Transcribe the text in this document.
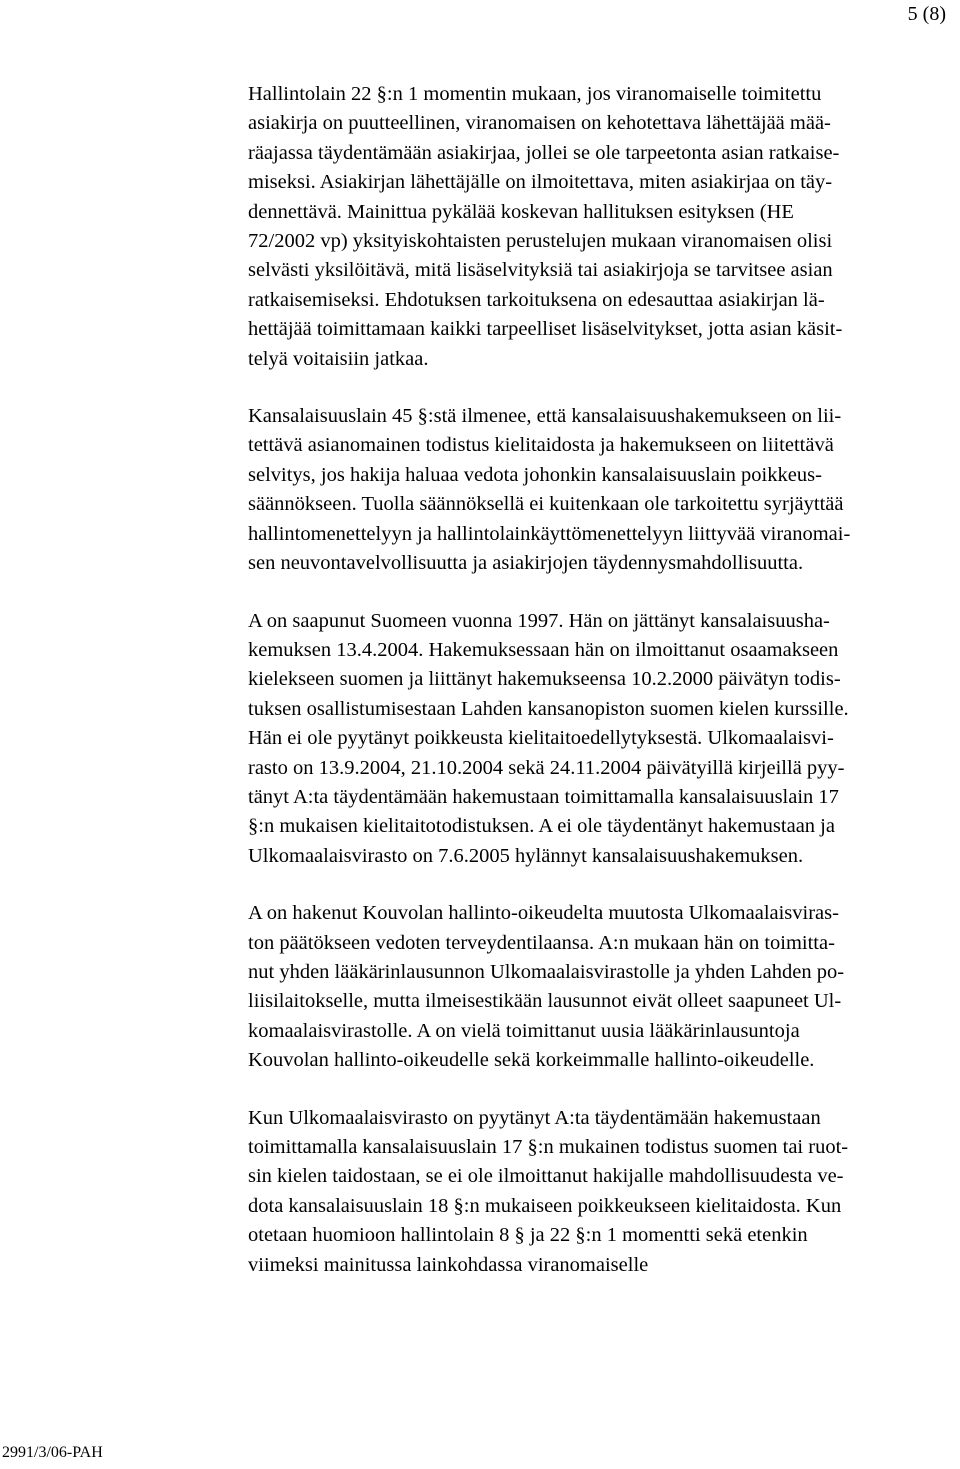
5 (8)

Hallintolain 22 §:n 1 momentin mukaan, jos viranomaiselle toimitettu
asiakirja on puutteellinen, viranomaisen on kehotettava lähettäjää mää-
räajassa täydentämään asiakirjaa, jollei se ole tarpeetonta asian ratkaise-
miseksi. Asiakirjan lähettäjälle on ilmoitettava, miten asiakirjaa on täy-
dennettävä. Mainittua pykälää koskevan hallituksen esityksen (HE
72/2002 vp) yksityiskohtaisten perustelujen mukaan viranomaisen olisi
selvästi yksilöitävä, mitä lisäselvityksiä tai asiakirjoja se tarvitsee asian
ratkaisemiseksi. Ehdotuksen tarkoituksena on edesauttaa asiakirjan lä-
hettäjää toimittamaan kaikki tarpeelliset lisäselvitykset, jotta asian käsit-
telyä voitaisiin jatkaa.

Kansalaisuuslain 45 §:stä ilmenee, että kansalaisuushakemukseen on lii-
tettävä asianomainen todistus kielitaidosta ja hakemukseen on liitettävä
selvitys, jos hakija haluaa vedota johonkin kansalaisuuslain poikkeus-
säännökseen. Tuolla säännöksellä ei kuitenkaan ole tarkoitettu syrjäyttää
hallintomenettelyyn ja hallintolainkäyttömenettelyyn liittyvää viranomai-
sen neuvontavelvollisuutta ja asiakirjojen täydennysmahdollisuutta.

A on saapunut Suomeen vuonna 1997. Hän on jättänyt kansalaisuusha-
kemuksen 13.4.2004. Hakemuksessaan hän on ilmoittanut osaamakseen
kielekseen suomen ja liittänyt hakemukseensa 10.2.2000 päivätyn todis-
tuksen osallistumisestaan Lahden kansanopiston suomen kielen kurssille.
Hän ei ole pyytänyt poikkeusta kielitaitoedellytyksestä. Ulkomaalaisvi-
rasto on 13.9.2004, 21.10.2004 sekä 24.11.2004 päivätyillä kirjeillä pyy-
tänyt A:ta täydentämään hakemustaan toimittamalla kansalaisuuslain 17
§:n mukaisen kielitaitotodistuksen. A ei ole täydentänyt hakemustaan ja
Ulkomaalaisvirasto on 7.6.2005 hylännyt kansalaisuushakemuksen.

A on hakenut Kouvolan hallinto-oikeudelta muutosta Ulkomaalaisviras-
ton päätökseen vedoten terveydentilaansa. A:n mukaan hän on toimitta-
nut yhden lääkärinlausunnon Ulkomaalaisvirastolle ja yhden Lahden po-
liisilaitokselle, mutta ilmeisestikään lausunnot eivät olleet saapuneet Ul-
komaalaisvirastolle. A on vielä toimittanut uusia lääkärinlausuntoja
Kouvolan hallinto-oikeudelle sekä korkeimmalle hallinto-oikeudelle.

Kun Ulkomaalaisvirasto on pyytänyt A:ta täydentämään hakemustaan
toimittamalla kansalaisuuslain 17 §:n mukainen todistus suomen tai ruot-
sin kielen taidostaan, se ei ole ilmoittanut hakijalle mahdollisuudesta ve-
dota kansalaisuuslain 18 §:n mukaiseen poikkeukseen kielitaidosta. Kun
otetaan huomioon hallintolain 8 § ja 22 §:n 1 momentti sekä etenkin
viimeksi mainitussa lainkohdassa viranomaiselle

2991/3/06-PAH
